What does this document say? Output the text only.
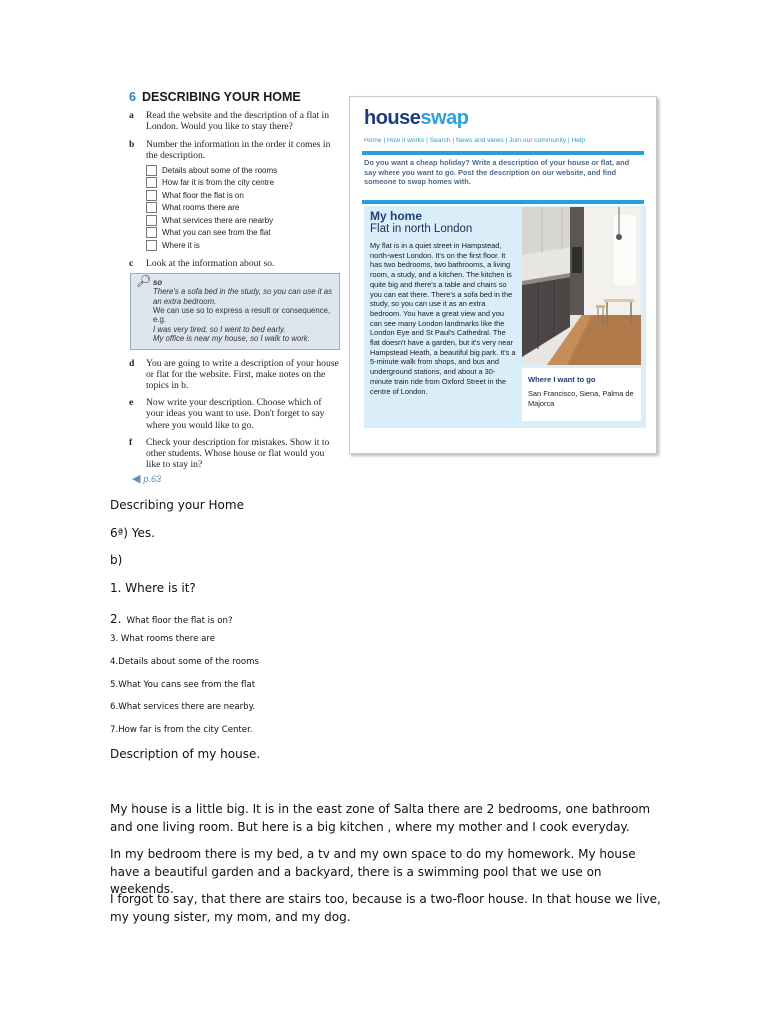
6 DESCRIBING YOUR HOME
a	Read the website and the description of a flat in London. Would you like to stay there?
b	Number the information in the order it comes in the description.
Details about some of the rooms
How far it is from the city centre
What floor the flat is on
What rooms there are
What services there are nearby
What you can see from the flat
Where it is
c	Look at the information about so.
🔎︎ so
There's a sofa bed in the study, so you can use it as an extra bedroom.
We can use so to express a result or consequence, e.g.
I was very tired, so I went to bed early.
My office is near my house, so I walk to work.
d	You are going to write a description of your house or flat for the website. First, make notes on the topics in b.
e	Now write your description. Choose which of your ideas you want to use. Don't forget to say where you would like to go.
f	Check your description for mistakes. Show it to other students. Whose house or flat would you like to stay in?
◀ p.63
houseswap
Home | How it works | Search | News and views | Join our community | Help
Do you want a cheap holiday? Write a description of your house or flat, and say where you want to go. Post the description on our website, and find someone to swap homes with.
My home
Flat in north London
My flat is in a quiet street in Hampstead, north-west London. It's on the first floor. It has two bedrooms, two bathrooms, a living room, a study, and a kitchen. The kitchen is quite big and there's a table and chairs so you can eat there. There's a sofa bed in the study, so you can use it as an extra bedroom. You have a great view and you can see many London landmarks like the London Eye and St Paul's Cathedral. The flat doesn't have a garden, but it's very near Hampstead Heath, a beautiful big park. It's a 5-minute walk from shops, and bus and underground stations, and about a 30-minute train ride from Oxford Street in the centre of London.
Where I want to go
San Francisco, Siena, Palma de Majorca
Describing your Home
6ª) Yes.
b)
1. Where is it?
2. What floor the flat is on?
3. What rooms there are
4.Details about some of the rooms
5.What You cans see from the flat
6.What services there are nearby.
7.How far is from the city Center.
Description of my house.
My house is a little big. It is in the east zone of Salta there are 2 bedrooms, one bathroom and one living room. But here is a big kitchen , where my mother and I cook everyday.
In my bedroom there is my bed, a tv and my own space to do my homework. My house have a beautiful garden and a backyard, there is a swimming pool that we use on weekends.
I forgot to say, that there are stairs too, because is a two-floor house. In that house we live, my young sister, my mom, and my dog.
